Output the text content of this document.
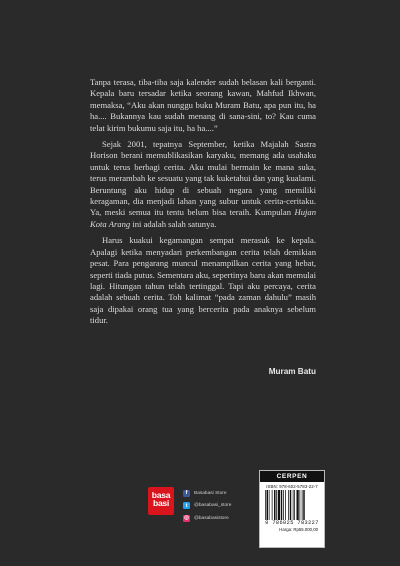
Tanpa terasa, tiba-tiba saja kalender sudah belasan kali berganti. Kepala baru tersadar ketika seorang kawan, Mahfud Ikhwan, memaksa, “Aku akan nunggu buku Muram Batu, apa pun itu, ha ha.... Bukannya kau sudah menang di sana-sini, to? Kau cuma telat kirim bukumu saja itu, ha ha....”

Sejak 2001, tepatnya September, ketika Majalah Sastra Horison berani memublikasikan karyaku, memang ada usahaku untuk terus berbagi cerita. Aku mulai bermain ke mana suka, terus merambah ke sesuatu yang tak kuketahui dan yang kualami. Beruntung aku hidup di sebuah negara yang memiliki keragaman, dia menjadi lahan yang subur untuk cerita-ceritaku. Ya, meski semua itu tentu belum bisa teraih. Kumpulan Hujan Kota Arang ini adalah salah satunya.

Harus kuakui kegamangan sempat merasuk ke kepala. Apalagi ketika menyadari perkembangan cerita telah demikian pesat. Para pengarang muncul menampilkan cerita yang hebat, seperti tiada putus. Sementara aku, sepertinya baru akan memulai lagi. Hitungan tahun telah tertinggal. Tapi aku percaya, cerita adalah sebuah cerita. Toh kalimat “pada zaman dahulu” masih saja dipakai orang tua yang bercerita pada anaknya sebelum tidur.

Muram Batu
basa
basi
f	Basabasi Store
t	@basabasi_store
◎ @basabasistore
CERPEN
ISBN: 978-602-5783-22-7
9 786025 783227
Harga: Rp55.000,00
